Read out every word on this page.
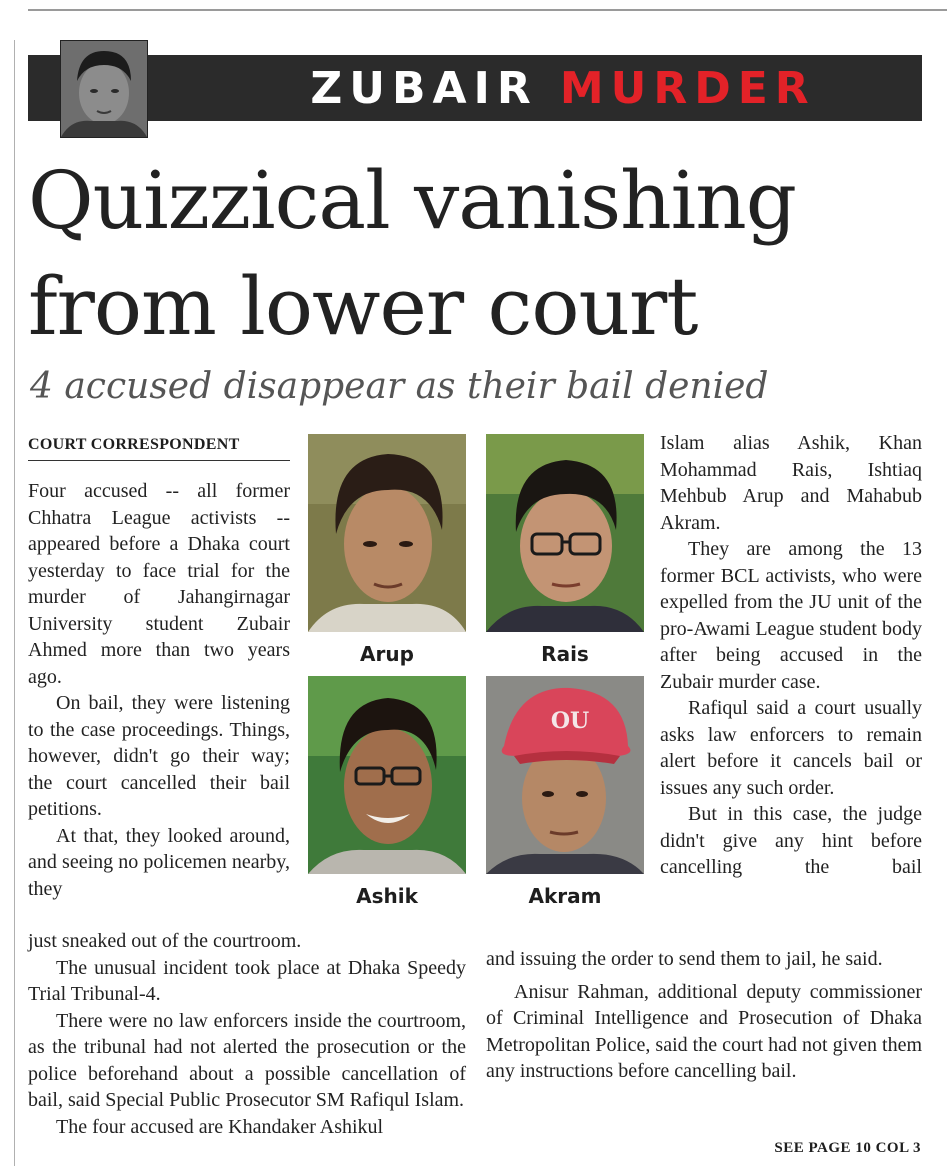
ZUBAIR MURDER
Quizzical vanishing from lower court
4 accused disappear as their bail denied
COURT CORRESPONDENT

Four accused -- all former Chhatra League activists -- appeared before a Dhaka court yesterday to face trial for the murder of Jahangirnagar University student Zubair Ahmed more than two years ago.

On bail, they were listening to the case proceedings. Things, however, didn't go their way; the court cancelled their bail petitions.

At that, they looked around, and seeing no policemen nearby, they

just sneaked out of the courtroom.

The unusual incident took place at Dhaka Speedy Trial Tribunal-4.

There were no law enforcers inside the courtroom, as the tribunal had not alerted the prosecution or the police beforehand about a possible cancellation of bail, said Special Public Prosecutor SM Rafiqul Islam.

The four accused are Khandaker Ashikul

Islam alias Ashik, Khan Mohammad Rais, Ishtiaq Mehbub Arup and Mahabub Akram.

They are among the 13 former BCL activists, who were expelled from the JU unit of the pro-Awami League student body after being accused in the Zubair murder case.

Rafiqul said a court usually asks law enforcers to remain alert before it cancels bail or issues any such order.

But in this case, the judge didn't give any hint before cancelling the bail

and issuing the order to send them to jail, he said.

Anisur Rahman, additional deputy commissioner of Criminal Intelligence and Prosecution of Dhaka Metropolitan Police, said the court had not given them any instructions before cancelling bail.

Arup	Rais
Ashik
OU
Akram
SEE PAGE 10 COL 3
